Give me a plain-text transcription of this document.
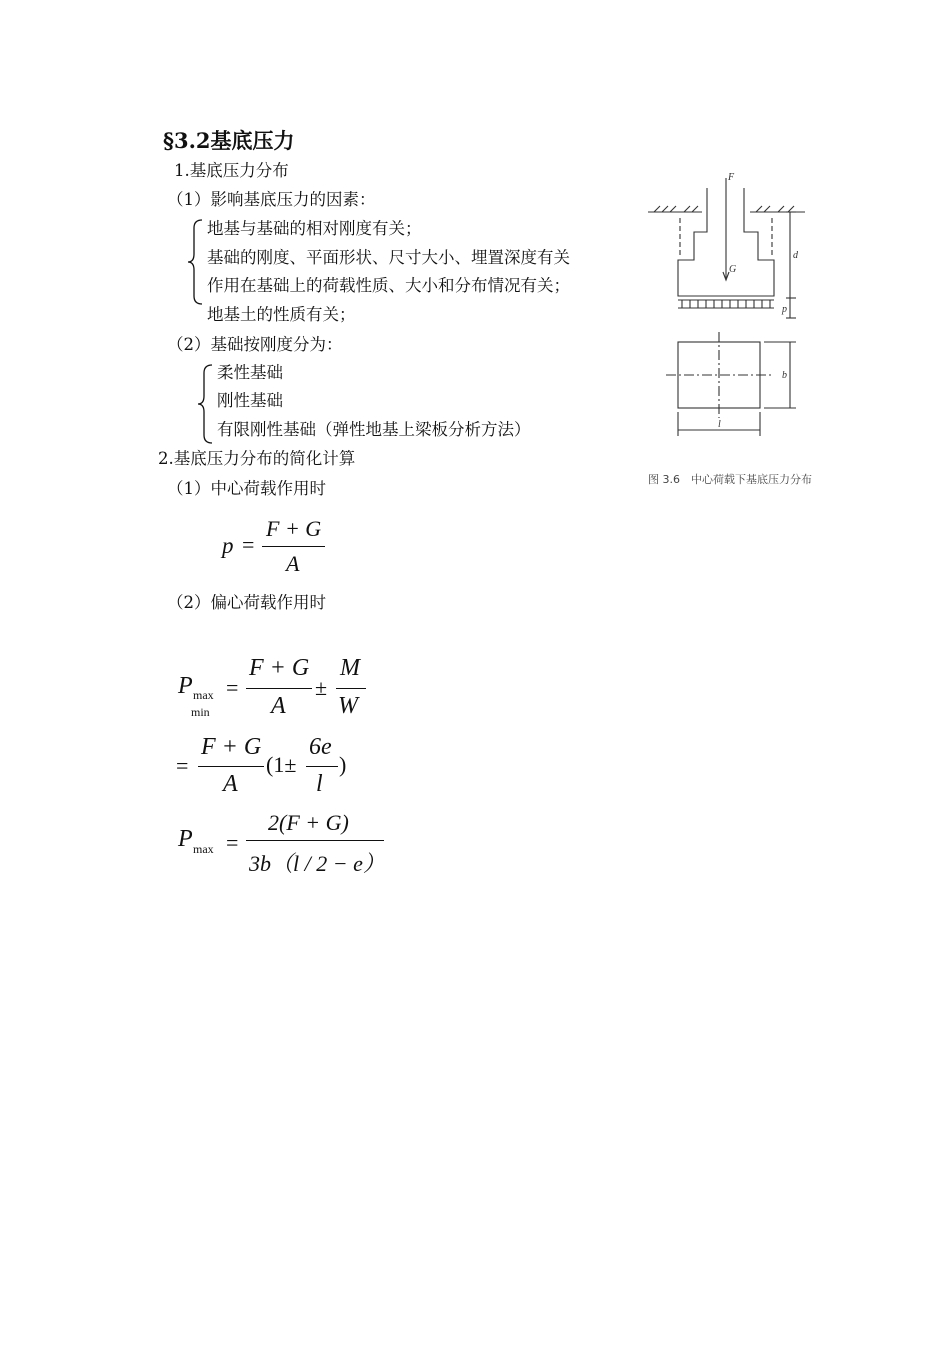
§3.2基底压力
1.基底压力分布
（1）影响基底压力的因素：
地基与基础的相对刚度有关；
基础的刚度、平面形状、尺寸大小、埋置深度有关
作用在基础上的荷载性质、大小和分布情况有关；
地基土的性质有关；
（2）基础按刚度分为：
柔性基础
刚性基础
有限刚性基础（弹性地基上梁板分析方法）
2.基底压力分布的简化计算
（1）中心荷载作用时
p =
F + G
A
（2）偏心荷载作用时
P max
min
=
F + G
A
±
M
W
=
F + G
A
(1±
6e
l
)
P max =
2(F + G)
3b（l / 2 − e）
F
G
d
p
b
l
图 3.6　中心荷载下基底压力分布
